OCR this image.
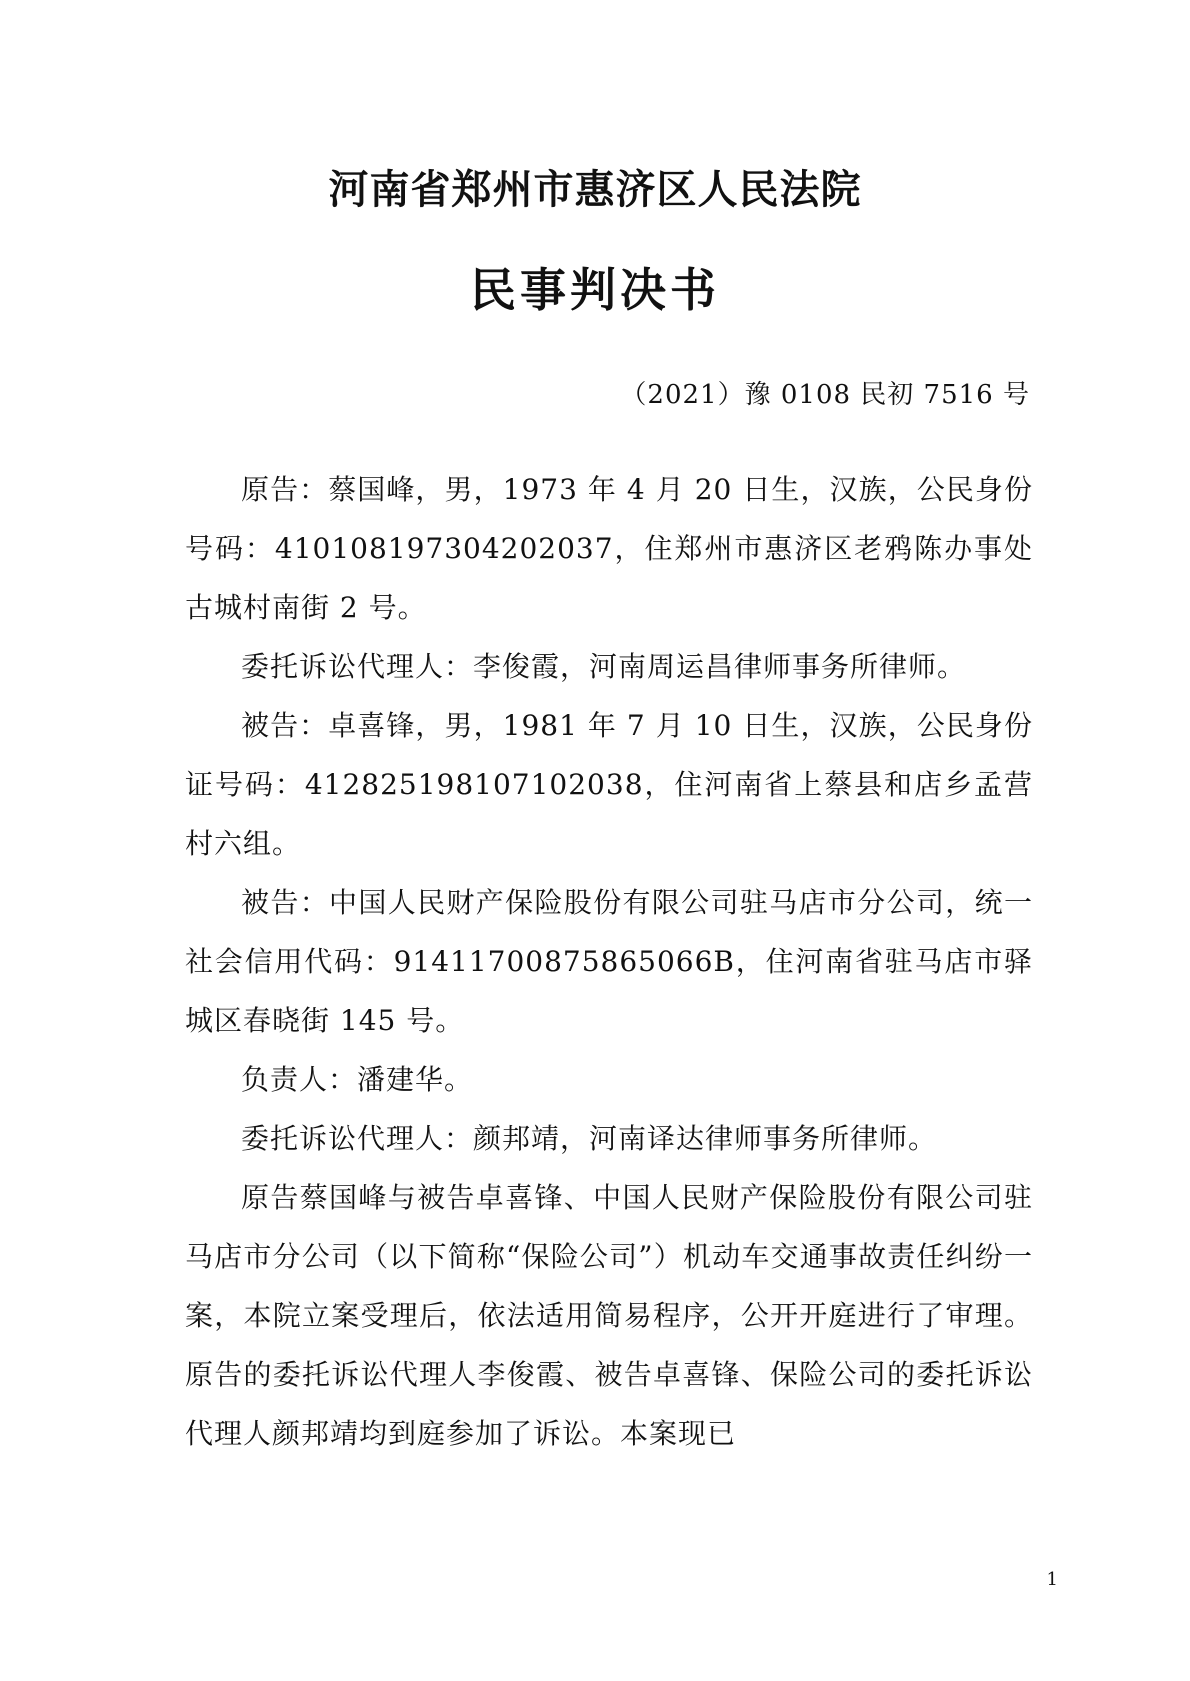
河南省郑州市惠济区人民法院
民事判决书
（2021）豫 0108 民初 7516 号

原告：蔡国峰，男，1973 年 4 月 20 日生，汉族，公民身份号码：410108197304202037，住郑州市惠济区老鸦陈办事处古城村南街 2 号。

委托诉讼代理人：李俊霞，河南周运昌律师事务所律师。

被告：卓喜锋，男，1981 年 7 月 10 日生，汉族，公民身份证号码：412825198107102038，住河南省上蔡县和店乡孟营村六组。

被告：中国人民财产保险股份有限公司驻马店市分公司，统一社会信用代码：91411700875865066B，住河南省驻马店市驿城区春晓街 145 号。

负责人：潘建华。

委托诉讼代理人：颜邦靖，河南译达律师事务所律师。

原告蔡国峰与被告卓喜锋、中国人民财产保险股份有限公司驻马店市分公司（以下简称“保险公司”）机动车交通事故责任纠纷一案，本院立案受理后，依法适用简易程序，公开开庭进行了审理。原告的委托诉讼代理人李俊霞、被告卓喜锋、保险公司的委托诉讼代理人颜邦靖均到庭参加了诉讼。本案现已

1
